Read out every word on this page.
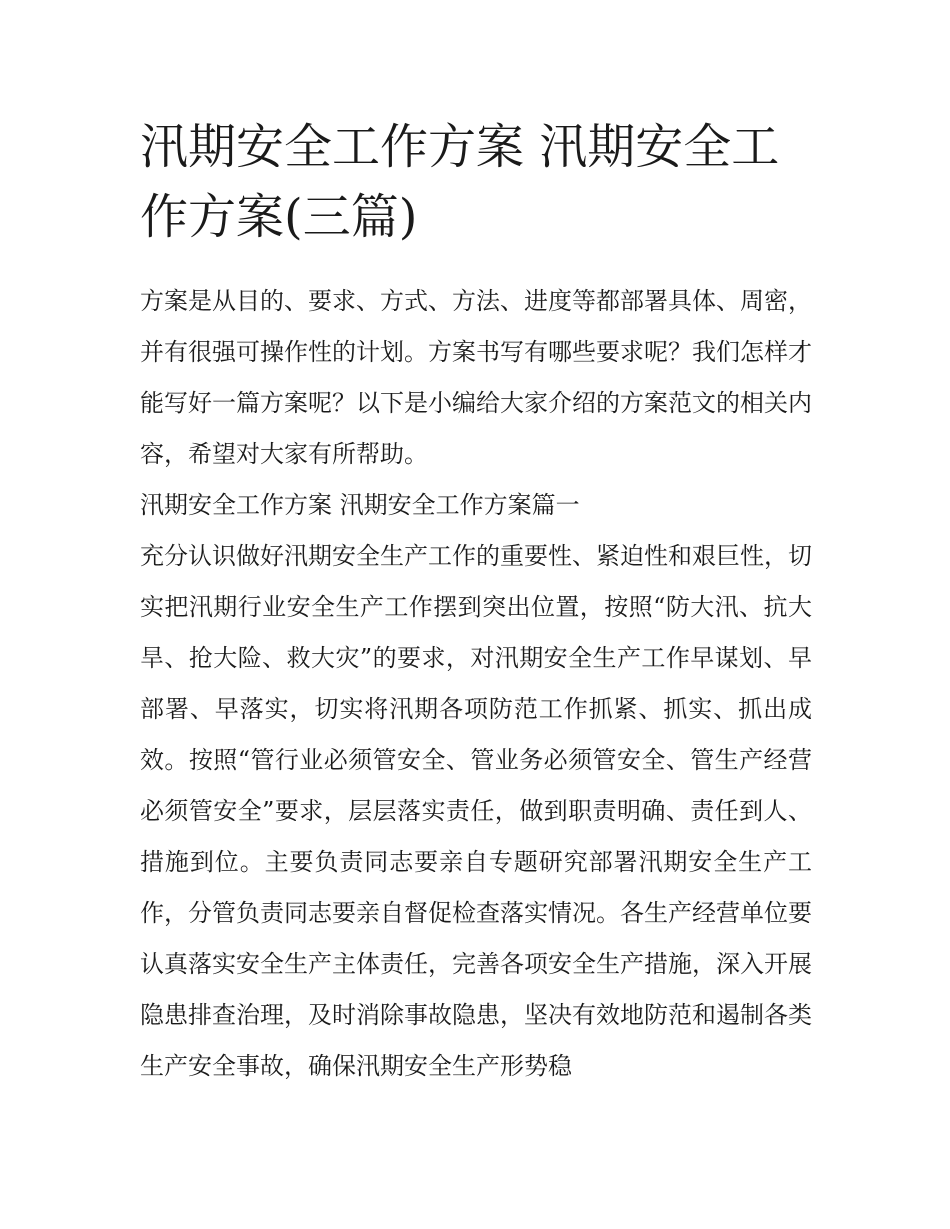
汛期安全工作方案 汛期安全工作方案(三篇)

方案是从目的、要求、方式、方法、进度等都部署具体、周密，并有很强可操作性的计划。方案书写有哪些要求呢？我们怎样才能写好一篇方案呢？以下是小编给大家介绍的方案范文的相关内容，希望对大家有所帮助。

汛期安全工作方案 汛期安全工作方案篇一

充分认识做好汛期安全生产工作的重要性、紧迫性和艰巨性，切实把汛期行业安全生产工作摆到突出位置，按照“防大汛、抗大旱、抢大险、救大灾”的要求，对汛期安全生产工作早谋划、早部署、早落实，切实将汛期各项防范工作抓紧、抓实、抓出成效。按照“管行业必须管安全、管业务必须管安全、管生产经营必须管安全”要求，层层落实责任，做到职责明确、责任到人、措施到位。主要负责同志要亲自专题研究部署汛期安全生产工作，分管负责同志要亲自督促检查落实情况。各生产经营单位要认真落实安全生产主体责任，完善各项安全生产措施，深入开展隐患排查治理，及时消除事故隐患，坚决有效地防范和遏制各类生产安全事故，确保汛期安全生产形势稳
